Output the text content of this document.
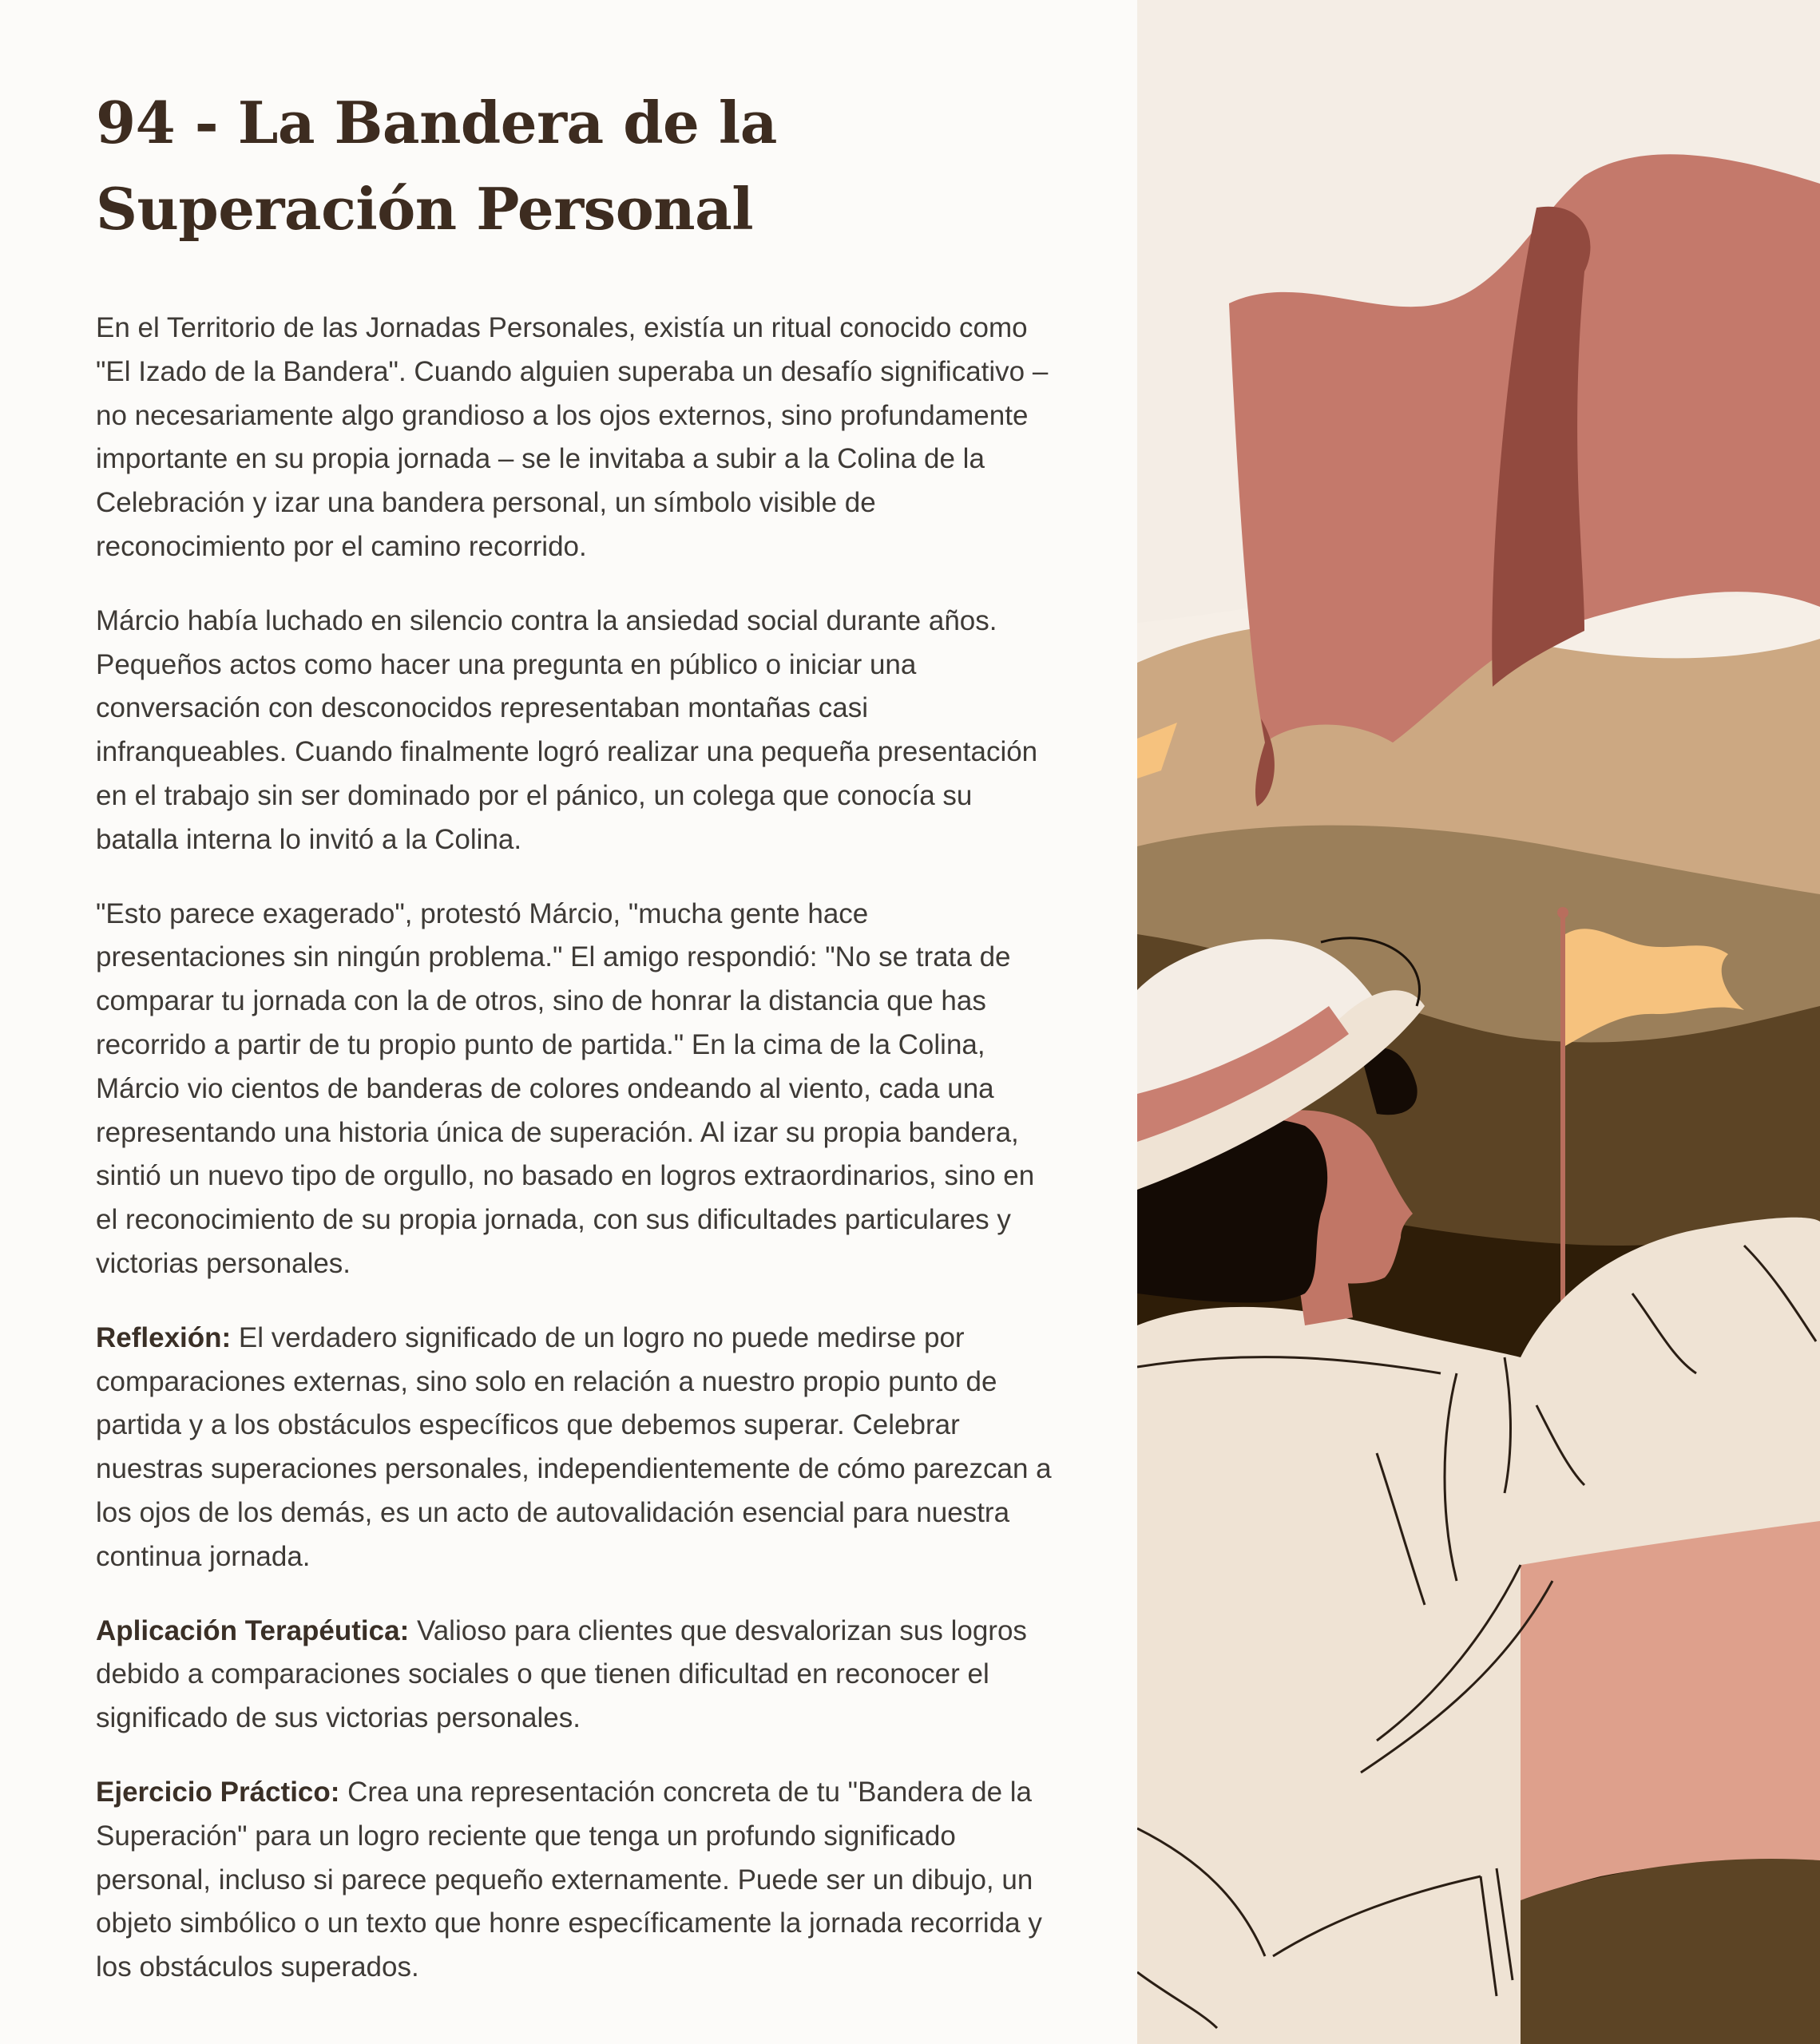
94 - La Bandera de la Superación Personal

En el Territorio de las Jornadas Personales, existía un ritual conocido como "El Izado de la Bandera". Cuando alguien superaba un desafío significativo – no necesariamente algo grandioso a los ojos externos, sino profundamente importante en su propia jornada – se le invitaba a subir a la Colina de la Celebración y izar una bandera personal, un símbolo visible de reconocimiento por el camino recorrido.

Márcio había luchado en silencio contra la ansiedad social durante años. Pequeños actos como hacer una pregunta en público o iniciar una conversación con desconocidos representaban montañas casi infranqueables. Cuando finalmente logró realizar una pequeña presentación en el trabajo sin ser dominado por el pánico, un colega que conocía su batalla interna lo invitó a la Colina.

"Esto parece exagerado", protestó Márcio, "mucha gente hace presentaciones sin ningún problema." El amigo respondió: "No se trata de comparar tu jornada con la de otros, sino de honrar la distancia que has recorrido a partir de tu propio punto de partida." En la cima de la Colina, Márcio vio cientos de banderas de colores ondeando al viento, cada una representando una historia única de superación. Al izar su propia bandera, sintió un nuevo tipo de orgullo, no basado en logros extraordinarios, sino en el reconocimiento de su propia jornada, con sus dificultades particulares y victorias personales.

Reflexión: El verdadero significado de un logro no puede medirse por comparaciones externas, sino solo en relación a nuestro propio punto de partida y a los obstáculos específicos que debemos superar. Celebrar nuestras superaciones personales, independientemente de cómo parezcan a los ojos de los demás, es un acto de autovalidación esencial para nuestra continua jornada.

Aplicación Terapéutica: Valioso para clientes que desvalorizan sus logros debido a comparaciones sociales o que tienen dificultad en reconocer el significado de sus victorias personales.

Ejercicio Práctico: Crea una representación concreta de tu "Bandera de la Superación" para un logro reciente que tenga un profundo significado personal, incluso si parece pequeño externamente. Puede ser un dibujo, un objeto simbólico o un texto que honre específicamente la jornada recorrida y los obstáculos superados.
